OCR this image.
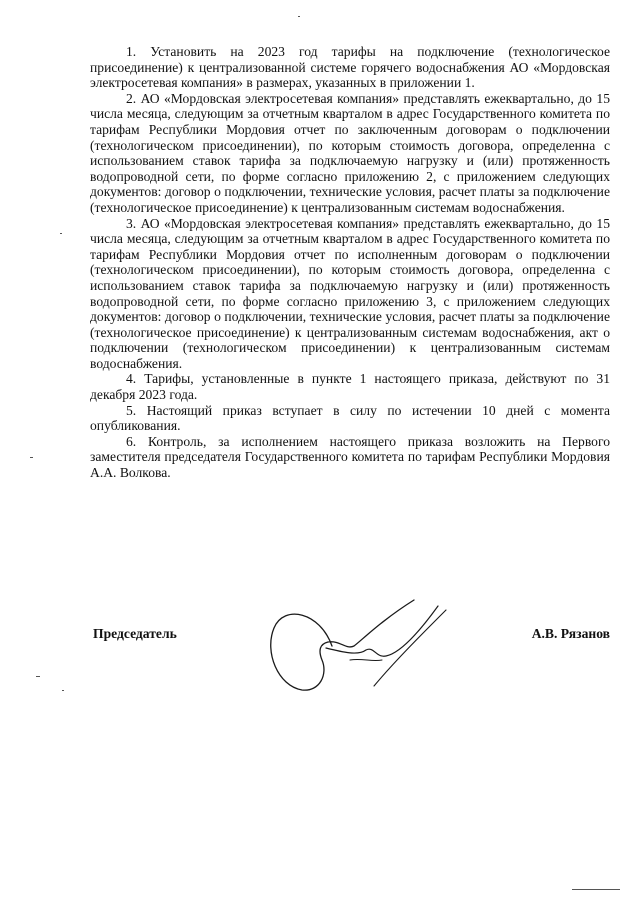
1. Установить на 2023 год тарифы на подключение (технологическое присоединение) к централизованной системе горячего водоснабжения АО «Мордовская электросетевая компания» в размерах, указанных в приложении 1.

2. АО «Мордовская электросетевая компания» представлять ежеквартально, до 15 числа месяца, следующим за отчетным кварталом в адрес Государственного комитета по тарифам Республики Мордовия отчет по заключенным договорам о подключении (технологическом присоединении), по которым стоимость договора, определенна с использованием ставок тарифа за подключаемую нагрузку и (или) протяженность водопроводной сети, по форме согласно приложению 2, с приложением следующих документов: договор о подключении, технические условия, расчет платы за подключение (технологическое присоединение) к централизованным системам водоснабжения.

3. АО «Мордовская электросетевая компания» представлять ежеквартально, до 15 числа месяца, следующим за отчетным кварталом в адрес Государственного комитета по тарифам Республики Мордовия отчет по исполненным договорам о подключении (технологическом присоединении), по которым стоимость договора, определенна с использованием ставок тарифа за подключаемую нагрузку и (или) протяженность водопроводной сети, по форме согласно приложению 3, с приложением следующих документов: договор о подключении, технические условия, расчет платы за подключение (технологическое присоединение) к централизованным системам водоснабжения, акт о подключении (технологическом присоединении) к централизованным системам водоснабжения.

4. Тарифы, установленные в пункте 1 настоящего приказа, действуют по 31 декабря 2023 года.

5. Настоящий приказ вступает в силу по истечении 10 дней с момента опубликования.

6. Контроль, за исполнением настоящего приказа возложить на Первого заместителя председателя Государственного комитета по тарифам Республики Мордовия А.А. Волкова.

Председатель	А.В. Рязанов
